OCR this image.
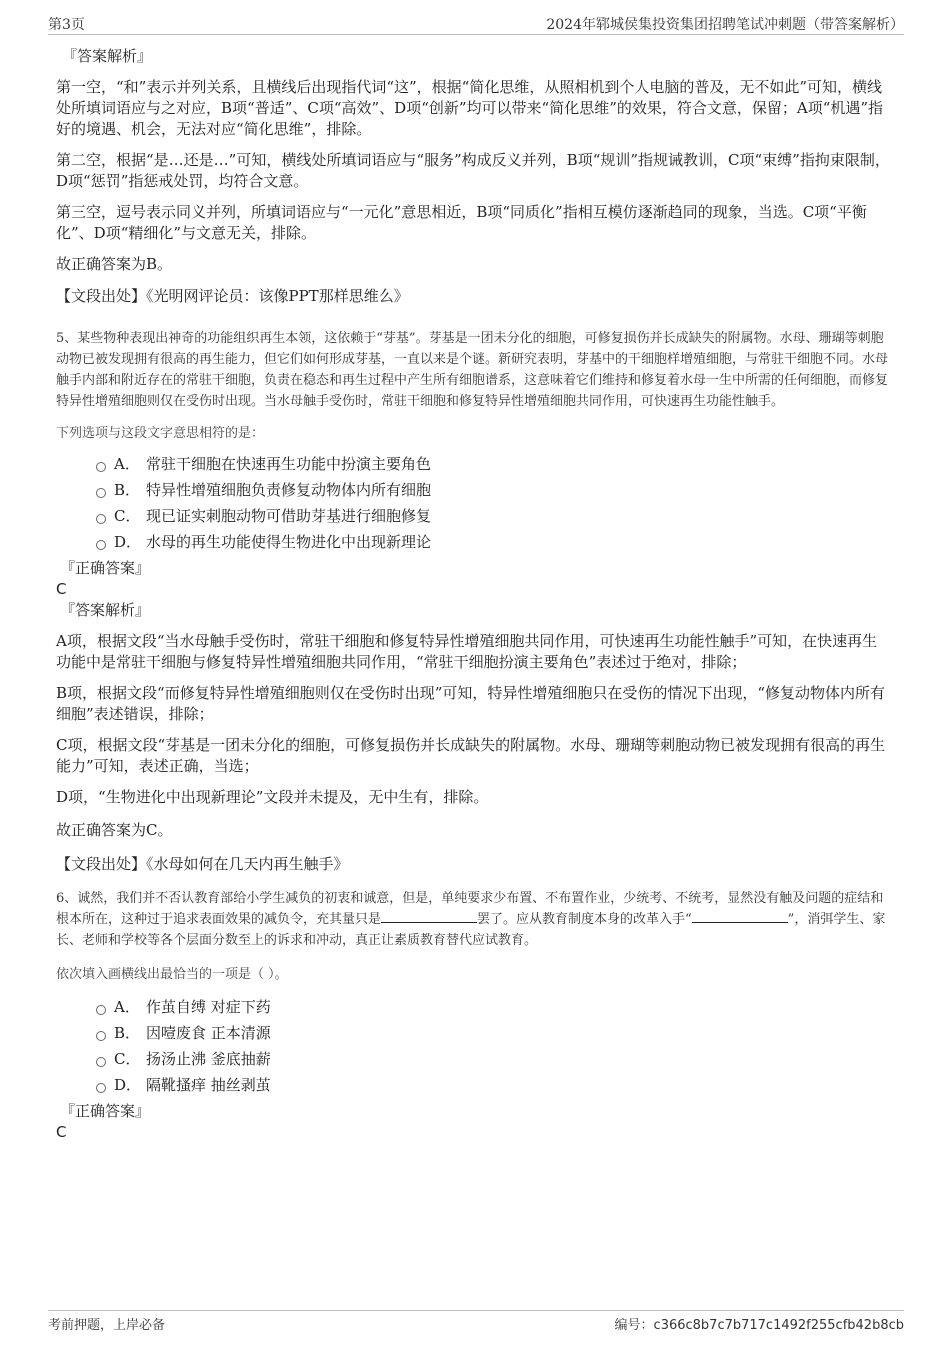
第3页	2024年郓城侯集投资集团招聘笔试冲刺题（带答案解析）

『答案解析』

第一空，“和”表示并列关系，且横线后出现指代词“这”，根据“简化思维，从照相机到个人电脑的普及，无不如此”可知，横线处所填词语应与之对应，B项“普适”、C项“高效”、D项“创新”均可以带来“简化思维”的效果，符合文意，保留；A项“机遇”指好的境遇、机会，无法对应“简化思维”，排除。

第二空，根据“是…还是…”可知，横线处所填词语应与“服务”构成反义并列，B项“规训”指规诫教训，C项“束缚”指拘束限制，D项“惩罚”指惩戒处罚，均符合文意。

第三空，逗号表示同义并列，所填词语应与“一元化”意思相近，B项“同质化”指相互模仿逐渐趋同的现象，当选。C项“平衡化”、D项“精细化”与文意无关，排除。

故正确答案为B。

【文段出处】《光明网评论员：该像PPT那样思维么》

5、某些物种表现出神奇的功能组织再生本领，这依赖于“芽基”。芽基是一团未分化的细胞，可修复损伤并长成缺失的附属物。水母、珊瑚等刺胞动物已被发现拥有很高的再生能力，但它们如何形成芽基，一直以来是个谜。新研究表明，芽基中的干细胞样增殖细胞，与常驻干细胞不同。水母触手内部和附近存在的常驻干细胞，负责在稳态和再生过程中产生所有细胞谱系，这意味着它们维持和修复着水母一生中所需的任何细胞，而修复特异性增殖细胞则仅在受伤时出现。当水母触手受伤时，常驻干细胞和修复特异性增殖细胞共同作用，可快速再生功能性触手。

下列选项与这段文字意思相符的是：

A． 常驻干细胞在快速再生功能中扮演主要角色
B． 特异性增殖细胞负责修复动物体内所有细胞
C． 现已证实刺胞动物可借助芽基进行细胞修复
D． 水母的再生功能使得生物进化中出现新理论

『正确答案』

C

『答案解析』

A项，根据文段“当水母触手受伤时，常驻干细胞和修复特异性增殖细胞共同作用，可快速再生功能性触手”可知，在快速再生功能中是常驻干细胞与修复特异性增殖细胞共同作用，“常驻干细胞扮演主要角色”表述过于绝对，排除；

B项，根据文段“而修复特异性增殖细胞则仅在受伤时出现”可知，特异性增殖细胞只在受伤的情况下出现，“修复动物体内所有细胞”表述错误，排除；

C项，根据文段“芽基是一团未分化的细胞，可修复损伤并长成缺失的附属物。水母、珊瑚等刺胞动物已被发现拥有很高的再生能力”可知，表述正确，当选；

D项，“生物进化中出现新理论”文段并未提及，无中生有，排除。

故正确答案为C。

【文段出处】《水母如何在几天内再生触手》

6、诚然，我们并不否认教育部给小学生减负的初衷和诚意，但是，单纯要求少布置、不布置作业，少统考、不统考，显然没有触及问题的症结和根本所在，这种过于追求表面效果的减负令，充其量只是	罢了。应从教育制度本身的改革入手“	”，消弭学生、家长、老师和学校等各个层面分数至上的诉求和冲动，真正让素质教育替代应试教育。

依次填入画横线出最恰当的一项是（ ）。

A． 作茧自缚 对症下药
B． 因噎废食 正本清源
C． 扬汤止沸 釜底抽薪
D． 隔靴搔痒 抽丝剥茧

『正确答案』

C

考前押题，上岸必备	编号：c366c8b7c7b717c1492f255cfb42b8cb
